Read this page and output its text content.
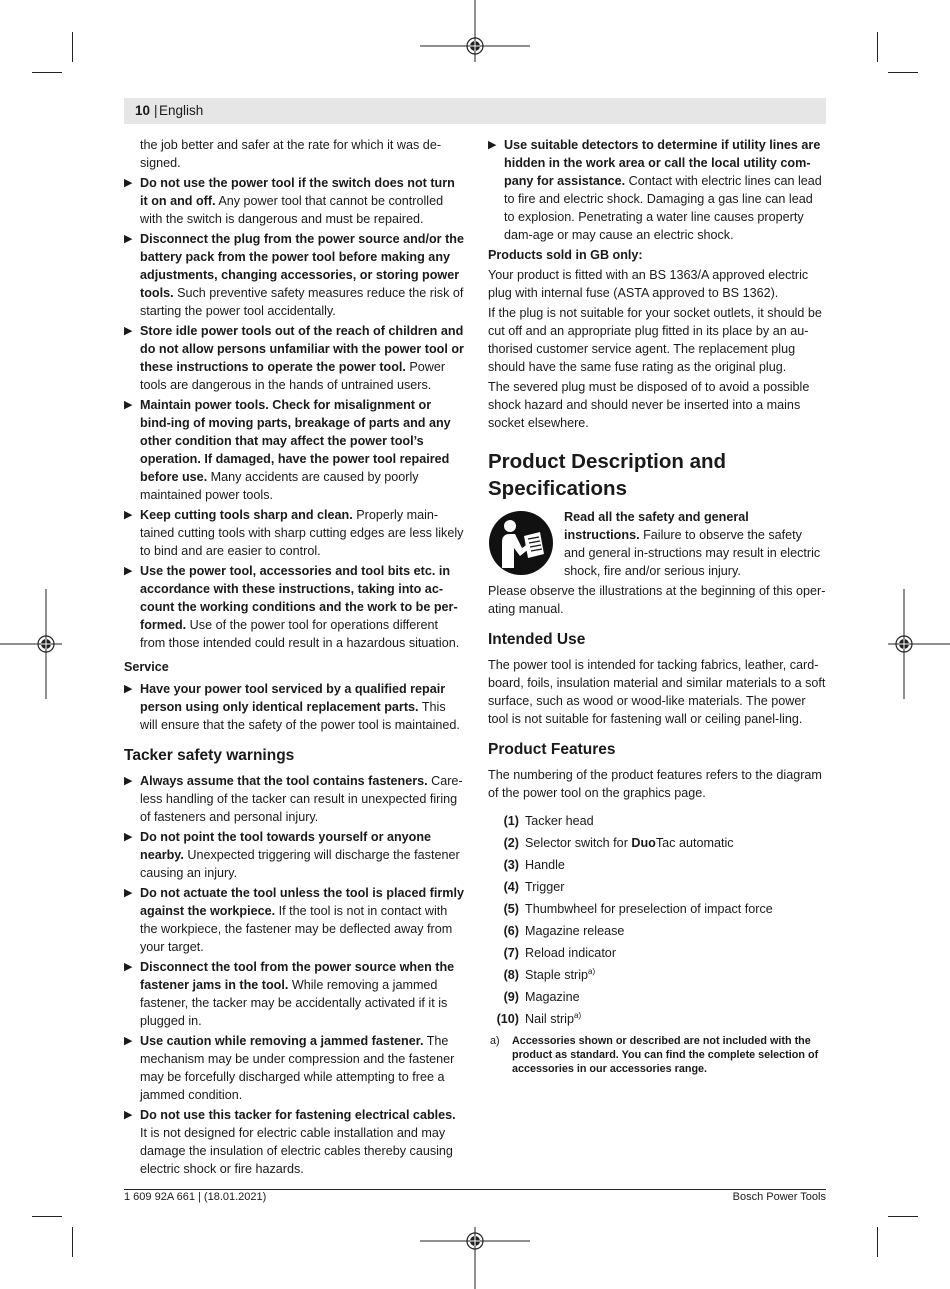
10 | English

the job better and safer at the rate for which it was de-signed.

▶ Do not use the power tool if the switch does not turn it on and off. Any power tool that cannot be controlled with the switch is dangerous and must be repaired.
▶ Disconnect the plug from the power source and/or the battery pack from the power tool before making any adjustments, changing accessories, or storing power tools. Such preventive safety measures reduce the risk of starting the power tool accidentally.
▶ Store idle power tools out of the reach of children and do not allow persons unfamiliar with the power tool or these instructions to operate the power tool. Power tools are dangerous in the hands of untrained users.
▶ Maintain power tools. Check for misalignment or bind-ing of moving parts, breakage of parts and any other condition that may affect the power tool’s operation. If damaged, have the power tool repaired before use. Many accidents are caused by poorly maintained power tools.
▶ Keep cutting tools sharp and clean. Properly main-tained cutting tools with sharp cutting edges are less likely to bind and are easier to control.
▶ Use the power tool, accessories and tool bits etc. in accordance with these instructions, taking into ac-count the working conditions and the work to be per-formed. Use of the power tool for operations different from those intended could result in a hazardous situation.
Service
▶ Have your power tool serviced by a qualified repair person using only identical replacement parts. This will ensure that the safety of the power tool is maintained.
Tacker safety warnings
▶ Always assume that the tool contains fasteners. Care-less handling of the tacker can result in unexpected firing of fasteners and personal injury.
▶ Do not point the tool towards yourself or anyone nearby. Unexpected triggering will discharge the fastener causing an injury.
▶ Do not actuate the tool unless the tool is placed firmly against the workpiece. If the tool is not in contact with the workpiece, the fastener may be deflected away from your target.
▶ Disconnect the tool from the power source when the fastener jams in the tool. While removing a jammed fastener, the tacker may be accidentally activated if it is plugged in.
▶ Use caution while removing a jammed fastener. The mechanism may be under compression and the fastener may be forcefully discharged while attempting to free a jammed condition.
▶ Do not use this tacker for fastening electrical cables. It is not designed for electric cable installation and may damage the insulation of electric cables thereby causing electric shock or fire hazards.
▶ Use suitable detectors to determine if utility lines are hidden in the work area or call the local utility com-pany for assistance. Contact with electric lines can lead to fire and electric shock. Damaging a gas line can lead to explosion. Penetrating a water line causes property dam-age or may cause an electric shock.
Products sold in GB only:

Your product is fitted with an BS 1363/A approved electric plug with internal fuse (ASTA approved to BS 1362).

If the plug is not suitable for your socket outlets, it should be cut off and an appropriate plug fitted in its place by an au-thorised customer service agent. The replacement plug should have the same fuse rating as the original plug.

The severed plug must be disposed of to avoid a possible shock hazard and should never be inserted into a mains socket elsewhere.

Product Description and
Specifications
Read all the safety and general instructions. Failure to observe the safety and general in-structions may result in electric shock, fire and/or serious injury.

Please observe the illustrations at the beginning of this oper-ating manual.

Intended Use

The power tool is intended for tacking fabrics, leather, card-board, foils, insulation material and similar materials to a soft surface, such as wood or wood-like materials. The power tool is not suitable for fastening wall or ceiling panel-ling.

Product Features

The numbering of the product features refers to the diagram of the power tool on the graphics page.

(1) Tacker head
(2) Selector switch for DuoTac automatic
(3) Handle
(4) Trigger
(5) Thumbwheel for preselection of impact force
(6) Magazine release
(7) Reload indicator
(8) Staple strip$^{a)}$
(9) Magazine
(10) Nail strip$^{a)}$
a) Accessories shown or described are not included with the product as standard. You can find the complete selection of accessories in our accessories range.
1 609 92A 661 | (18.01.2021)	Bosch Power Tools
